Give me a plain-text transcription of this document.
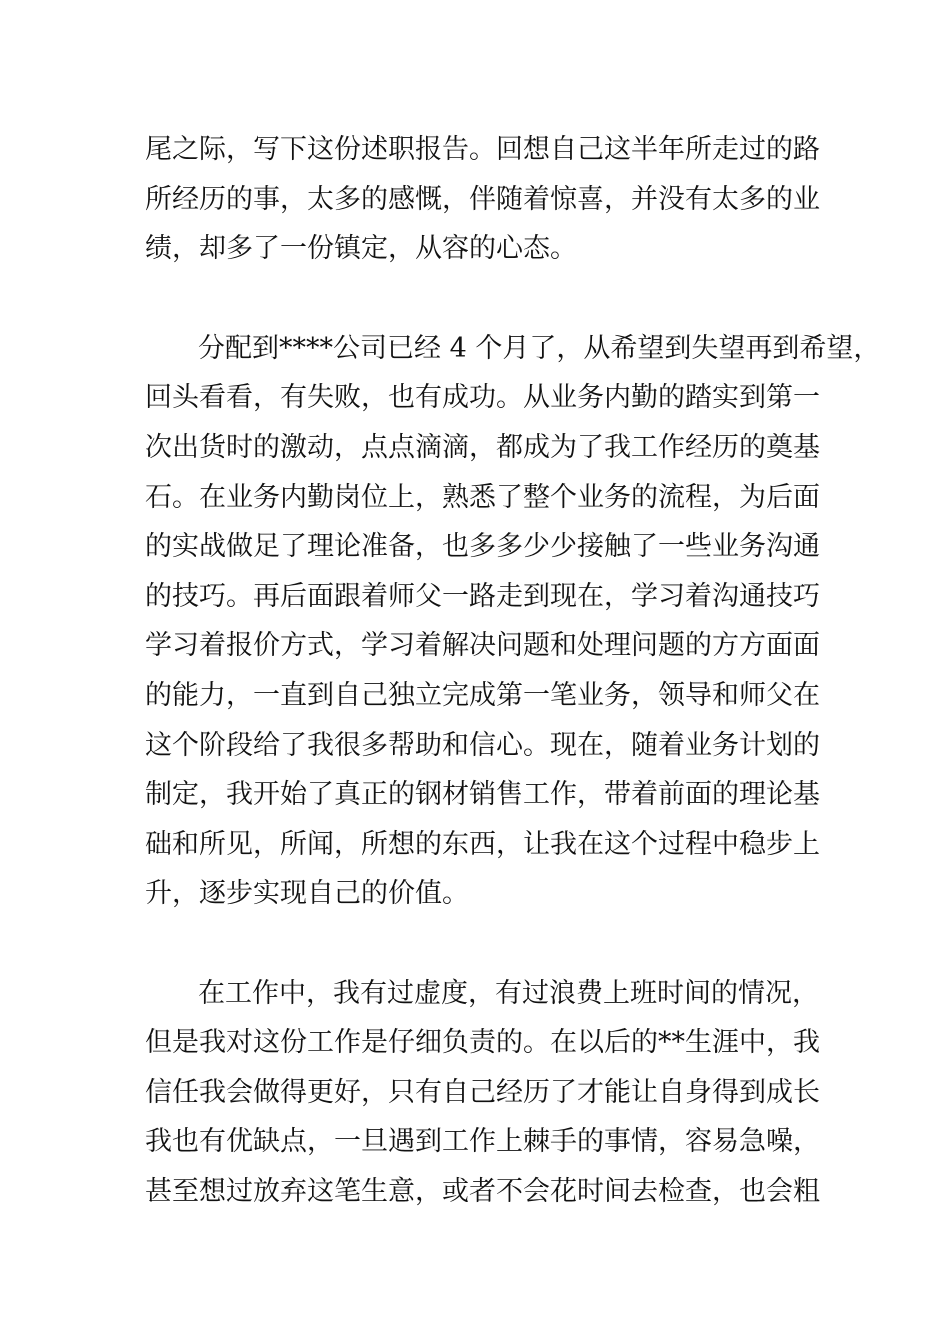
尾之际，写下这份述职报告。回想自己这半年所走过的路
所经历的事，太多的感慨，伴随着惊喜，并没有太多的业
绩，却多了一份镇定，从容的心态。
分配到****公司已经 4 个月了，从希望到失望再到希望，
回头看看，有失败，也有成功。从业务内勤的踏实到第一
次出货时的激动，点点滴滴，都成为了我工作经历的奠基
石。在业务内勤岗位上，熟悉了整个业务的流程，为后面
的实战做足了理论准备，也多多少少接触了一些业务沟通
的技巧。再后面跟着师父一路走到现在，学习着沟通技巧
学习着报价方式，学习着解决问题和处理问题的方方面面
的能力，一直到自己独立完成第一笔业务，领导和师父在
这个阶段给了我很多帮助和信心。现在，随着业务计划的
制定，我开始了真正的钢材销售工作，带着前面的理论基
础和所见，所闻，所想的东西，让我在这个过程中稳步上
升，逐步实现自己的价值。
在工作中，我有过虚度，有过浪费上班时间的情况，
但是我对这份工作是仔细负责的。在以后的**生涯中，我
信任我会做得更好，只有自己经历了才能让自身得到成长
我也有优缺点，一旦遇到工作上棘手的事情，容易急噪，
甚至想过放弃这笔生意，或者不会花时间去检查，也会粗
